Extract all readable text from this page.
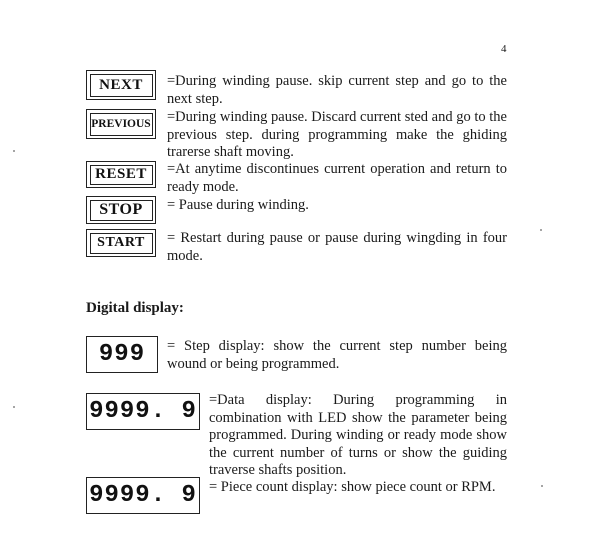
4
NEXT	=During winding pause. skip current step and go to the next step.
PREVIOUS	=During winding pause. Discard current sted and go to the previous step. during programming make the ghiding trarerse shaft moving.
RESET	=At anytime discontinues current operation and return to ready mode.
STOP	= Pause during winding.
START	= Restart during pause or pause during wingding in four mode.
Digital display:
999	= Step display: show the current step number being wound or being programmed.
9999. 9 =Data display: During programming in combination with LED show the parameter being programmed. During winding or ready mode show the current number of turns or show the guiding traverse shafts position.
9999. 9 = Piece count display: show piece count or RPM.
